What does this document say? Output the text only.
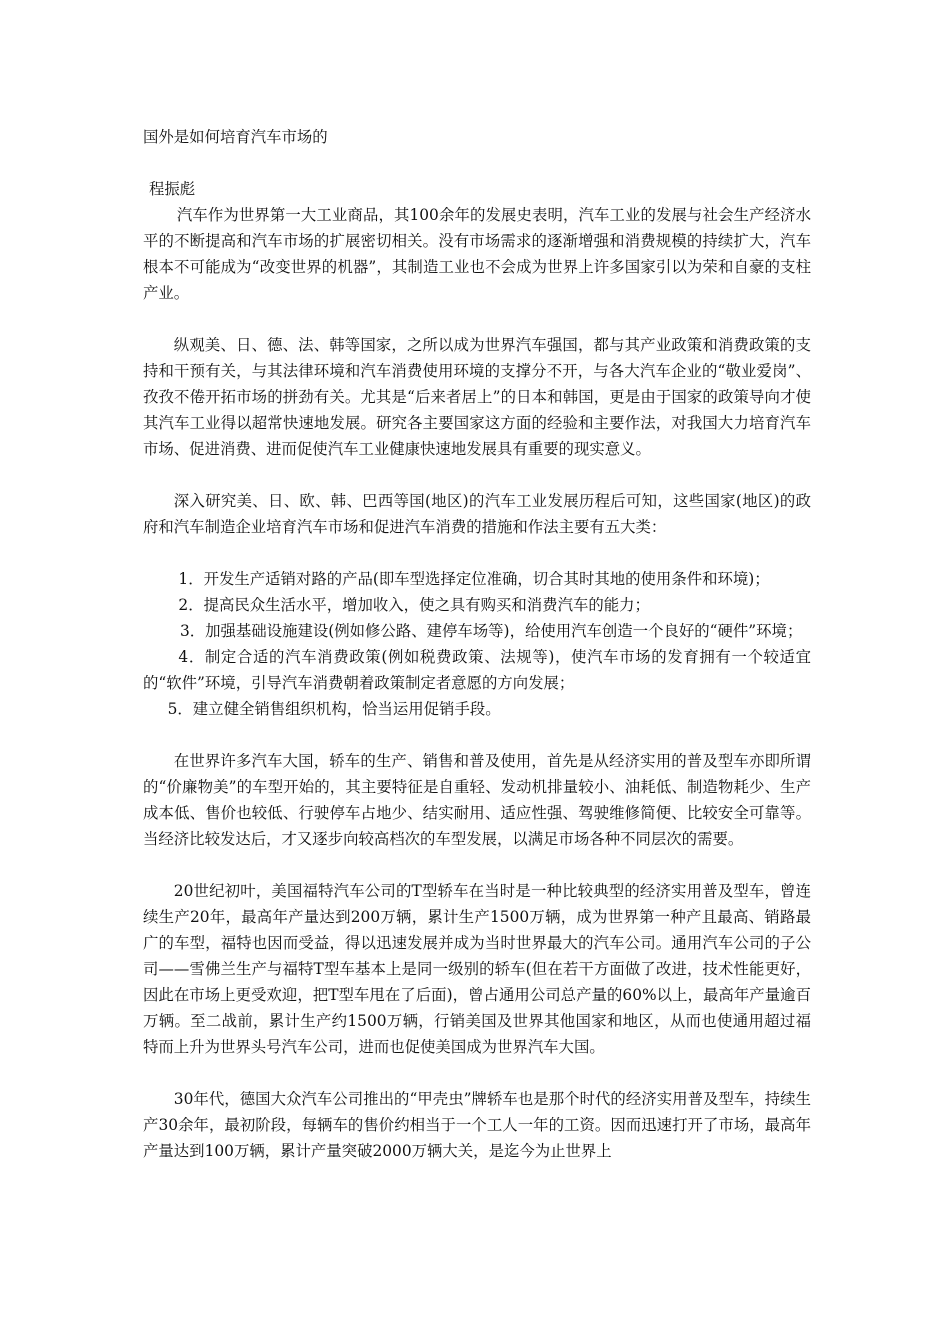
国外是如何培育汽车市场的

程振彪

汽车作为世界第一大工业商品，其100余年的发展史表明，汽车工业的发展与社会生产经济水平的不断提高和汽车市场的扩展密切相关。没有市场需求的逐渐增强和消费规模的持续扩大，汽车根本不可能成为“改变世界的机器”，其制造工业也不会成为世界上许多国家引以为荣和自豪的支柱产业。

纵观美、日、德、法、韩等国家，之所以成为世界汽车强国，都与其产业政策和消费政策的支持和干预有关，与其法律环境和汽车消费使用环境的支撑分不开，与各大汽车企业的“敬业爱岗”、孜孜不倦开拓市场的拼劲有关。尤其是“后来者居上”的日本和韩国，更是由于国家的政策导向才使其汽车工业得以超常快速地发展。研究各主要国家这方面的经验和主要作法，对我国大力培育汽车市场、促进消费、进而促使汽车工业健康快速地发展具有重要的现实意义。

深入研究美、日、欧、韩、巴西等国(地区)的汽车工业发展历程后可知，这些国家(地区)的政府和汽车制造企业培育汽车市场和促进汽车消费的措施和作法主要有五大类：

1．开发生产适销对路的产品(即车型选择定位准确，切合其时其地的使用条件和环境)；

2．提高民众生活水平，增加收入，使之具有购买和消费汽车的能力；

3．加强基础设施建设(例如修公路、建停车场等)，给使用汽车创造一个良好的“硬件”环境；

4．制定合适的汽车消费政策(例如税费政策、法规等)，使汽车市场的发育拥有一个较适宜的“软件”环境，引导汽车消费朝着政策制定者意愿的方向发展；

5．建立健全销售组织机构，恰当运用促销手段。

在世界许多汽车大国，轿车的生产、销售和普及使用，首先是从经济实用的普及型车亦即所谓的“价廉物美”的车型开始的，其主要特征是自重轻、发动机排量较小、油耗低、制造物耗少、生产成本低、售价也较低、行驶停车占地少、结实耐用、适应性强、驾驶维修简便、比较安全可靠等。当经济比较发达后，才又逐步向较高档次的车型发展，以满足市场各种不同层次的需要。

20世纪初叶，美国福特汽车公司的T型轿车在当时是一种比较典型的经济实用普及型车，曾连续生产20年，最高年产量达到200万辆，累计生产1500万辆，成为世界第一种产且最高、销路最广的车型，福特也因而受益，得以迅速发展并成为当时世界最大的汽车公司。通用汽车公司的子公司——雪佛兰生产与福特T型车基本上是同一级别的轿车(但在若干方面做了改进，技术性能更好，因此在市场上更受欢迎，把T型车甩在了后面)，曾占通用公司总产量的60%以上，最高年产量逾百万辆。至二战前，累计生产约1500万辆，行销美国及世界其他国家和地区，从而也使通用超过福特而上升为世界头号汽车公司，进而也促使美国成为世界汽车大国。

30年代，德国大众汽车公司推出的“甲壳虫”牌轿车也是那个时代的经济实用普及型车，持续生产30余年，最初阶段，每辆车的售价约相当于一个工人一年的工资。因而迅速打开了市场，最高年产量达到100万辆，累计产量突破2000万辆大关，是迄今为止世界上
